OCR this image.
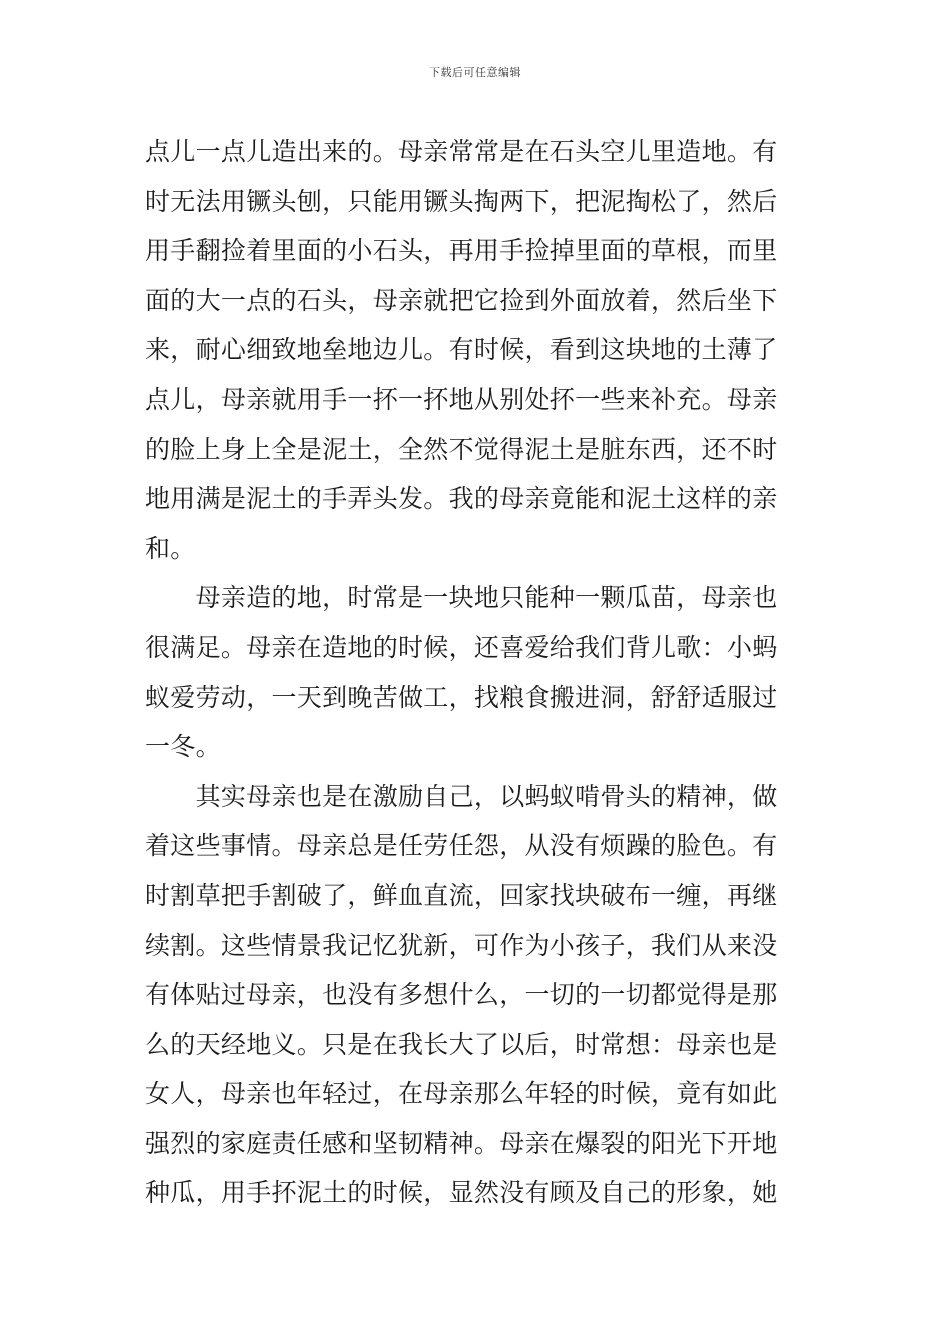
下载后可任意编辑
点儿一点儿造出来的。母亲常常是在石头空儿里造地。有
时无法用镢头刨，只能用镢头掏两下，把泥掏松了，然后
用手翻捡着里面的小石头，再用手捡掉里面的草根，而里
面的大一点的石头，母亲就把它捡到外面放着，然后坐下
来，耐心细致地垒地边儿。有时候，看到这块地的土薄了
点儿，母亲就用手一抔一抔地从别处抔一些来补充。母亲
的脸上身上全是泥土，全然不觉得泥土是脏东西，还不时
地用满是泥土的手弄头发。我的母亲竟能和泥土这样的亲
和。
　　母亲造的地，时常是一块地只能种一颗瓜苗，母亲也
很满足。母亲在造地的时候，还喜爱给我们背儿歌：小蚂
蚁爱劳动，一天到晚苦做工，找粮食搬进洞，舒舒适服过
一冬。
　　其实母亲也是在激励自己，以蚂蚁啃骨头的精神，做
着这些事情。母亲总是任劳任怨，从没有烦躁的脸色。有
时割草把手割破了，鲜血直流，回家找块破布一缠，再继
续割。这些情景我记忆犹新，可作为小孩子，我们从来没
有体贴过母亲，也没有多想什么，一切的一切都觉得是那
么的天经地义。只是在我长大了以后，时常想：母亲也是
女人，母亲也年轻过，在母亲那么年轻的时候，竟有如此
强烈的家庭责任感和坚韧精神。母亲在爆裂的阳光下开地
种瓜，用手抔泥土的时候，显然没有顾及自己的形象，她
